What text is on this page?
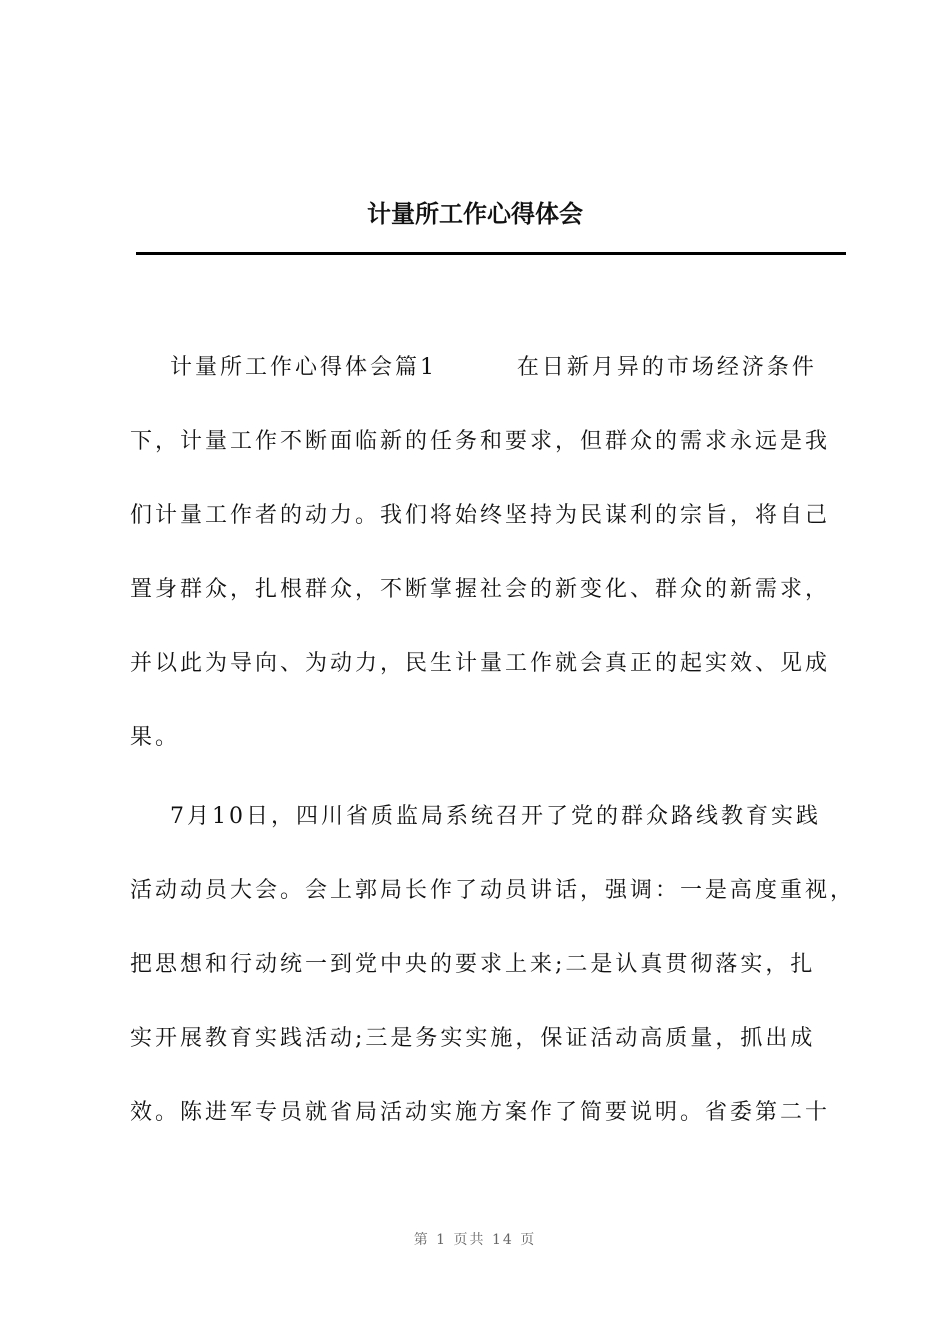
计量所工作心得体会
计量所工作心得体会篇1        在日新月异的市场经济条件
下，计量工作不断面临新的任务和要求，但群众的需求永远是我
们计量工作者的动力。我们将始终坚持为民谋利的宗旨，将自己
置身群众，扎根群众，不断掌握社会的新变化、群众的新需求，
并以此为导向、为动力，民生计量工作就会真正的起实效、见成
果。
7月10日，四川省质监局系统召开了党的群众路线教育实践
活动动员大会。会上郭局长作了动员讲话，强调：一是高度重视，
把思想和行动统一到党中央的要求上来;二是认真贯彻落实，扎
实开展教育实践活动;三是务实实施，保证活动高质量，抓出成
效。陈进军专员就省局活动实施方案作了简要说明。省委第二十
第 1 页共 14 页
